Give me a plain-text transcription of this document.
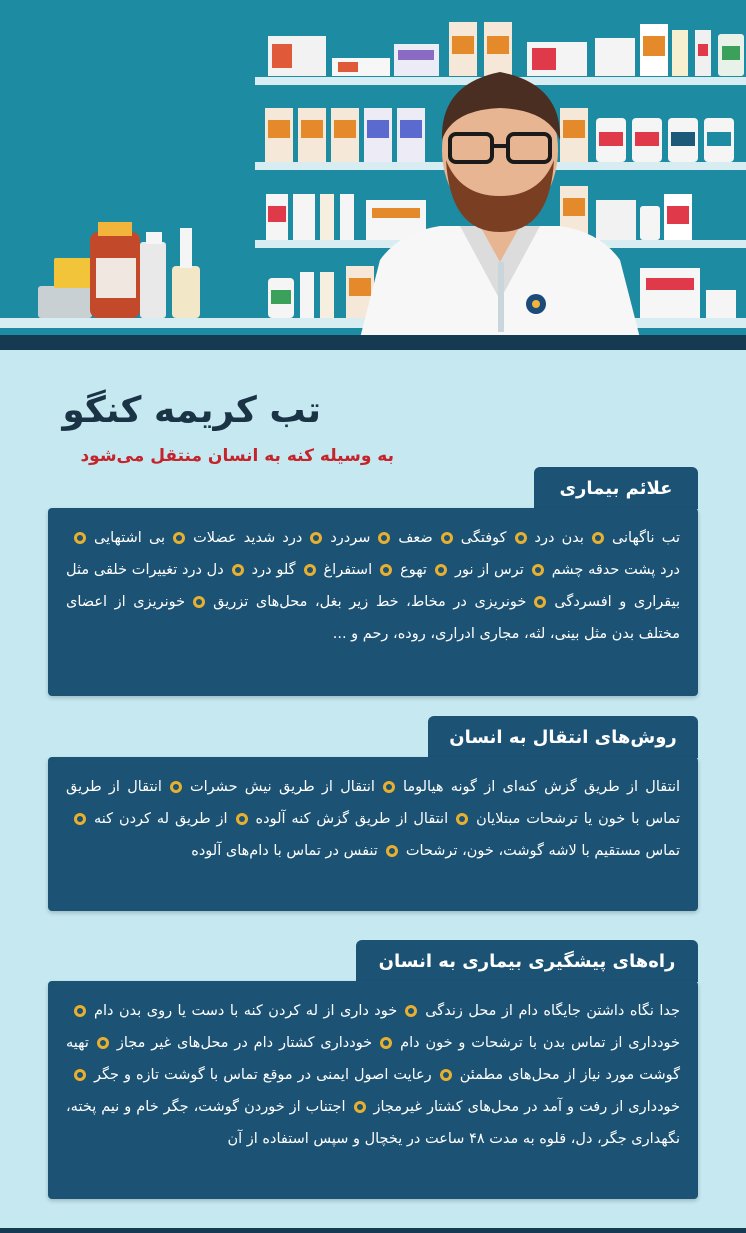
تب کریمه کنگو
به وسیله کنه به انسان منتقل می‌شود
علائم بیماری
تب ناگهانیبدن دردکوفتگیضعفسردرددرد شدید عضلاتبی اشتهاییدرد پشت حدقه چشمترس از نورتهوعاستفراغگلو درددل درد تغییرات خلقی مثل بیقراری و افسردگیخونریزی در مخاط، خط زیر بغل، محل‌های تزریقخونریزی از اعضای مختلف بدن مثل بینی، لثه، مجاری ادراری، روده، رحم و ...
روش‌های انتقال به انسان
انتقال از طریق گزش کنه‌ای از گونه هیالوماانتقال از طریق نیش حشراتانتقال از طریق تماس با خون یا ترشحات مبتلایانانتقال از طریق گزش کنه آلودهاز طریق له کردن کنهتماس مستقیم با لاشه گوشت، خون، ترشحاتتنفس در تماس با دام‌های آلوده
راه‌های پیشگیری بیماری به انسان
جدا نگاه داشتن جایگاه دام از محل زندگیخود داری از له کردن کنه با دست یا روی بدن دامخودداری از تماس بدن با ترشحات و خون دامخودداری کشتار دام در محل‌های غیر مجازتهیه گوشت مورد نیاز از محل‌های مطمئنرعایت اصول ایمنی در موقع تماس با گوشت تازه و جگرخودداری از رفت و آمد در محل‌های کشتار غیرمجازاجتناب از خوردن گوشت، جگر خام و نیم پخته، نگهداری جگر، دل، قلوه به مدت ۴۸ ساعت در یخچال و سپس استفاده از آن
